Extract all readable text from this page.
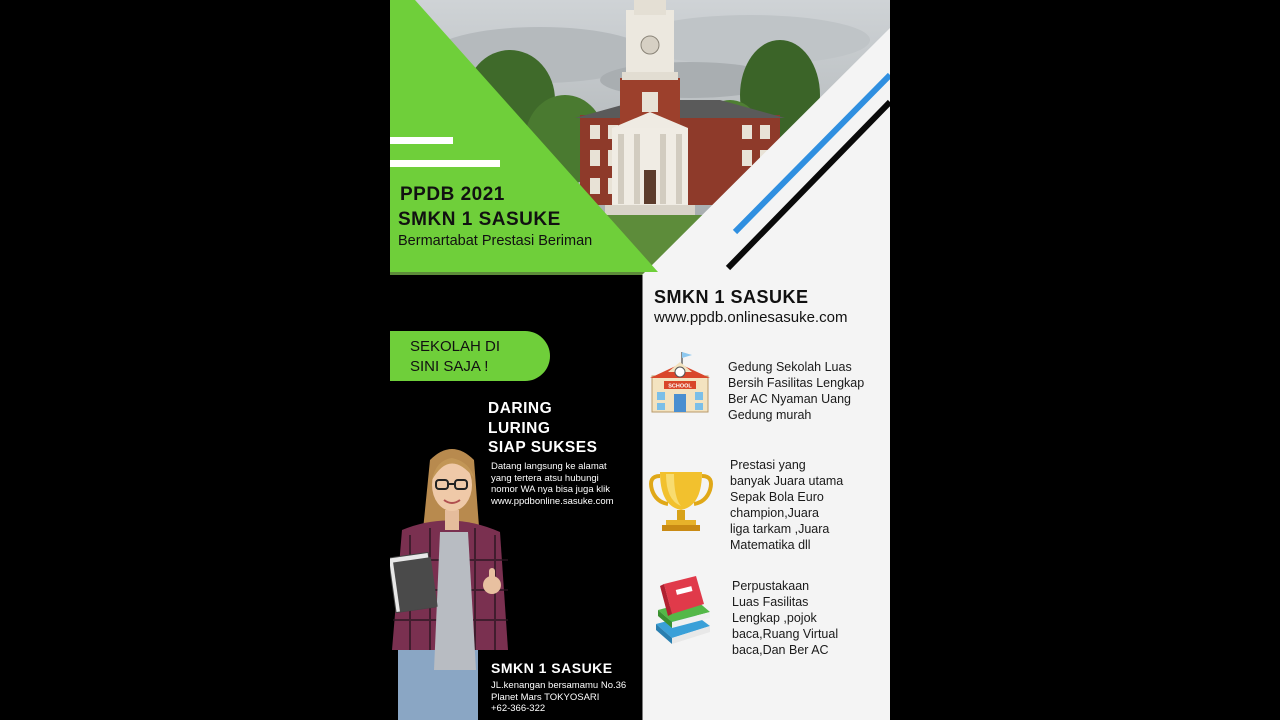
PPDB 2021
SMKN 1 SASUKE
Bermartabat Prestasi Beriman
SMKN 1 SASUKE
www.ppdb.onlinesasuke.com
SEKOLAH DI
SINI SAJA !
DARING
LURING
SIAP SUKSES
Datang langsung ke alamat
yang tertera atsu hubungi
nomor WA nya bisa juga klik
www.ppdbonline.sasuke.com
SMKN 1 SASUKE
JL.kenangan bersamamu No.36
Planet Mars TOKYOSARI
+62-366-322
SCHOOL
Gedung Sekolah Luas
Bersih Fasilitas Lengkap
Ber AC Nyaman Uang
Gedung murah
Prestasi yang
banyak Juara utama
Sepak Bola Euro
champion,Juara
liga tarkam ,Juara
Matematika dll
Perpustakaan
Luas Fasilitas
Lengkap ,pojok
baca,Ruang Virtual
baca,Dan Ber AC
